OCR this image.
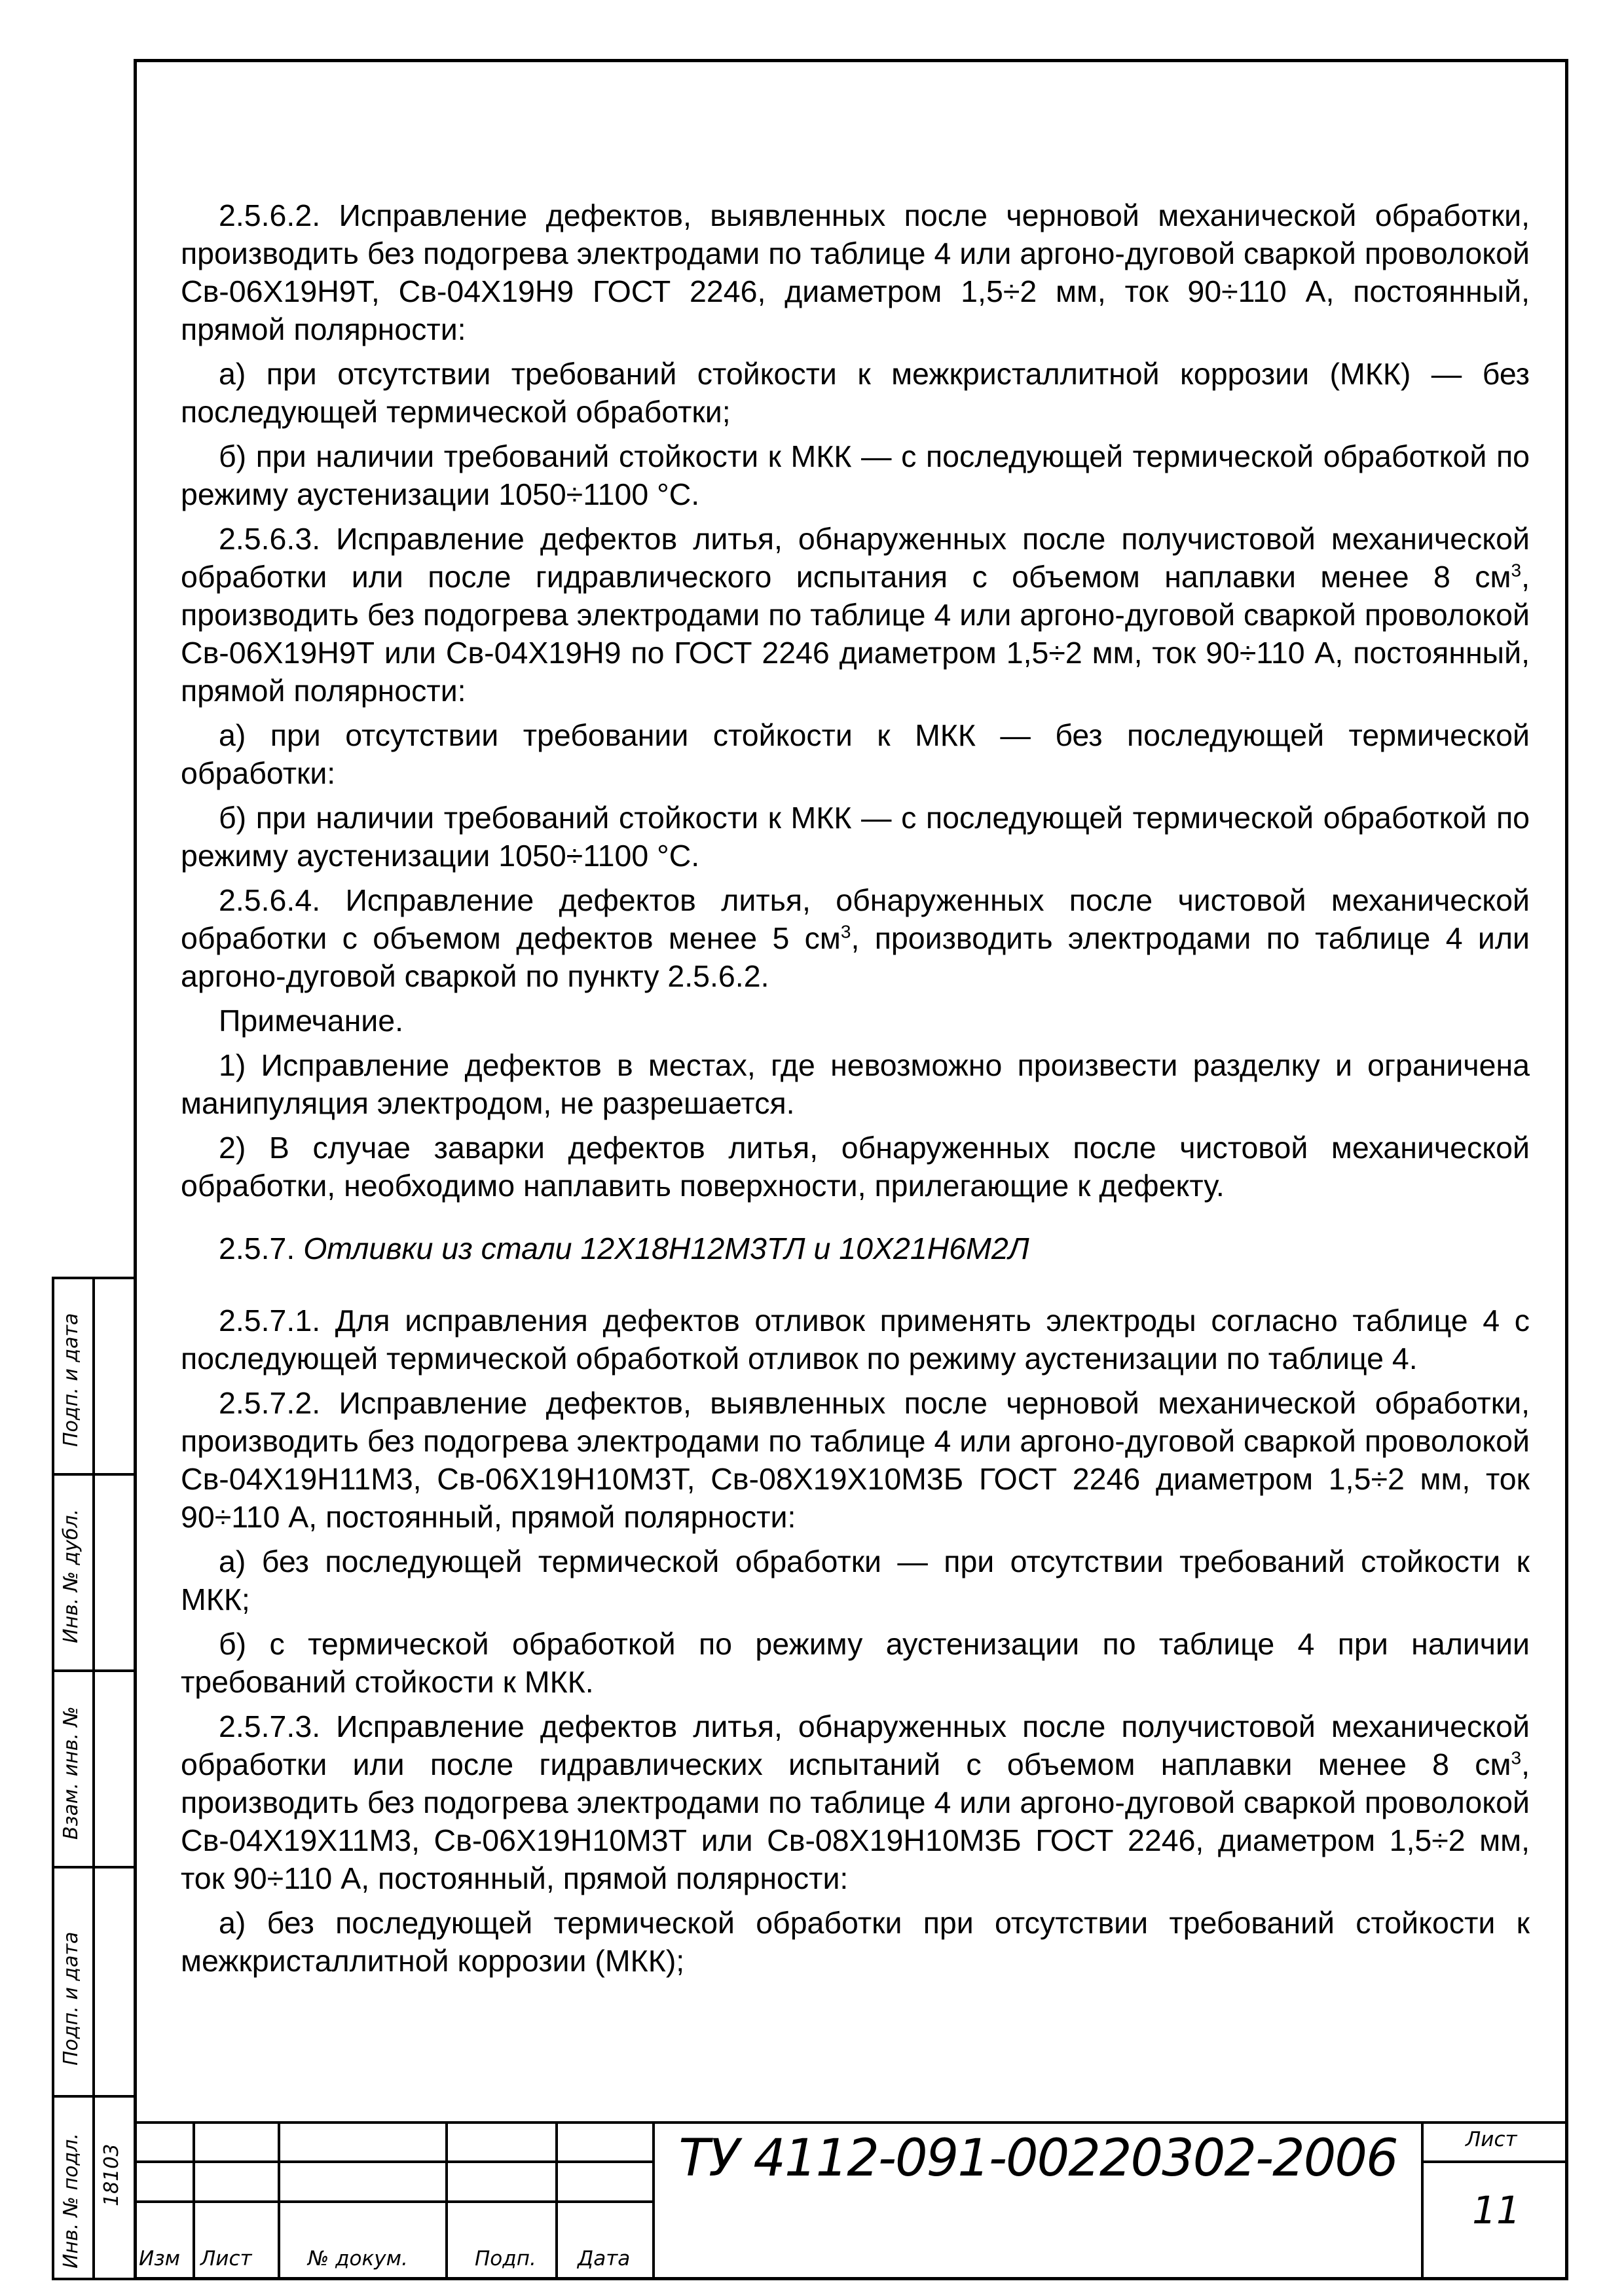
2.5.6.2. Исправление дефектов, выявленных после черновой механической обработки, производить без подогрева электродами по таблице 4 или аргоно-дуговой сваркой проволокой Св-06Х19Н9Т, Св-04Х19Н9 ГОСТ 2246, диаметром 1,5÷2 мм, ток 90÷110 А, постоянный, прямой полярности:

а) при отсутствии требований стойкости к межкристаллитной коррозии (МКК) — без последующей термической обработки;

б) при наличии требований стойкости к МКК — с последующей термической обработкой по режиму аустенизации 1050÷1100 °С.

2.5.6.3. Исправление дефектов литья, обнаруженных после получистовой механической обработки или после гидравлического испытания с объемом наплавки менее 8 $см^3$, производить без подогрева электродами по таблице 4 или аргоно-дуговой сваркой проволокой Св-06Х19Н9Т или Св-04Х19Н9 по ГОСТ 2246 диаметром 1,5÷2 мм, ток 90÷110 А, постоянный, прямой полярности:

а) при отсутствии требовании стойкости к МКК — без последующей термической обработки:

б) при наличии требований стойкости к МКК — с последующей термической обработкой по режиму аустенизации 1050÷1100 °С.

2.5.6.4. Исправление дефектов литья, обнаруженных после чистовой механической обработки с объемом дефектов менее 5 $см^3$, производить электродами по таблице 4 или аргоно-дуговой сваркой по пункту 2.5.6.2.

Примечание.

1) Исправление дефектов в местах, где невозможно произвести разделку и ограничена манипуляция электродом, не разрешается.

2) В случае заварки дефектов литья, обнаруженных после чистовой механической обработки, необходимо наплавить поверхности, прилегающие к дефекту.

2.5.7. Отливки из стали 12Х18Н12М3ТЛ и 10Х21Н6М2Л

2.5.7.1. Для исправления дефектов отливок применять электроды согласно таблице 4 с последующей термической обработкой отливок по режиму аустенизации по таблице 4.

2.5.7.2. Исправление дефектов, выявленных после черновой механической обработки, производить без подогрева электродами по таблице 4 или аргоно-дуговой сваркой проволокой Св-04Х19Н11М3, Св-06Х19Н10М3Т, Св-08Х19Х10М3Б ГОСТ 2246 диаметром 1,5÷2 мм, ток 90÷110 А, постоянный, прямой полярности:

а) без последующей термической обработки — при отсутствии требований стойкости к МКК;

б) с термической обработкой по режиму аустенизации по таблице 4 при наличии требований стойкости к МКК.

2.5.7.3. Исправление дефектов литья, обнаруженных после получистовой механической обработки или после гидравлических испытаний с объемом наплавки менее 8 $см^3$, производить без подогрева электродами по таблице 4 или аргоно-дуговой сваркой проволокой Св-04Х19Х11М3, Св-06Х19Н10М3Т или Св-08Х19Н10М3Б ГОСТ 2246, диаметром 1,5÷2 мм, ток 90÷110 А, постоянный, прямой полярности:

а) без последующей термической обработки при отсутствии требований стойкости к межкристаллитной коррозии (МКК);

Подп. и дата
Инв. № дубл.
Взам. инв. №
Подп. и дата
Инв. № подл. 18103
Изм Лист	№ докум.	Подп. Дата
ТУ 4112-091-00220302-2006	Лист
11
